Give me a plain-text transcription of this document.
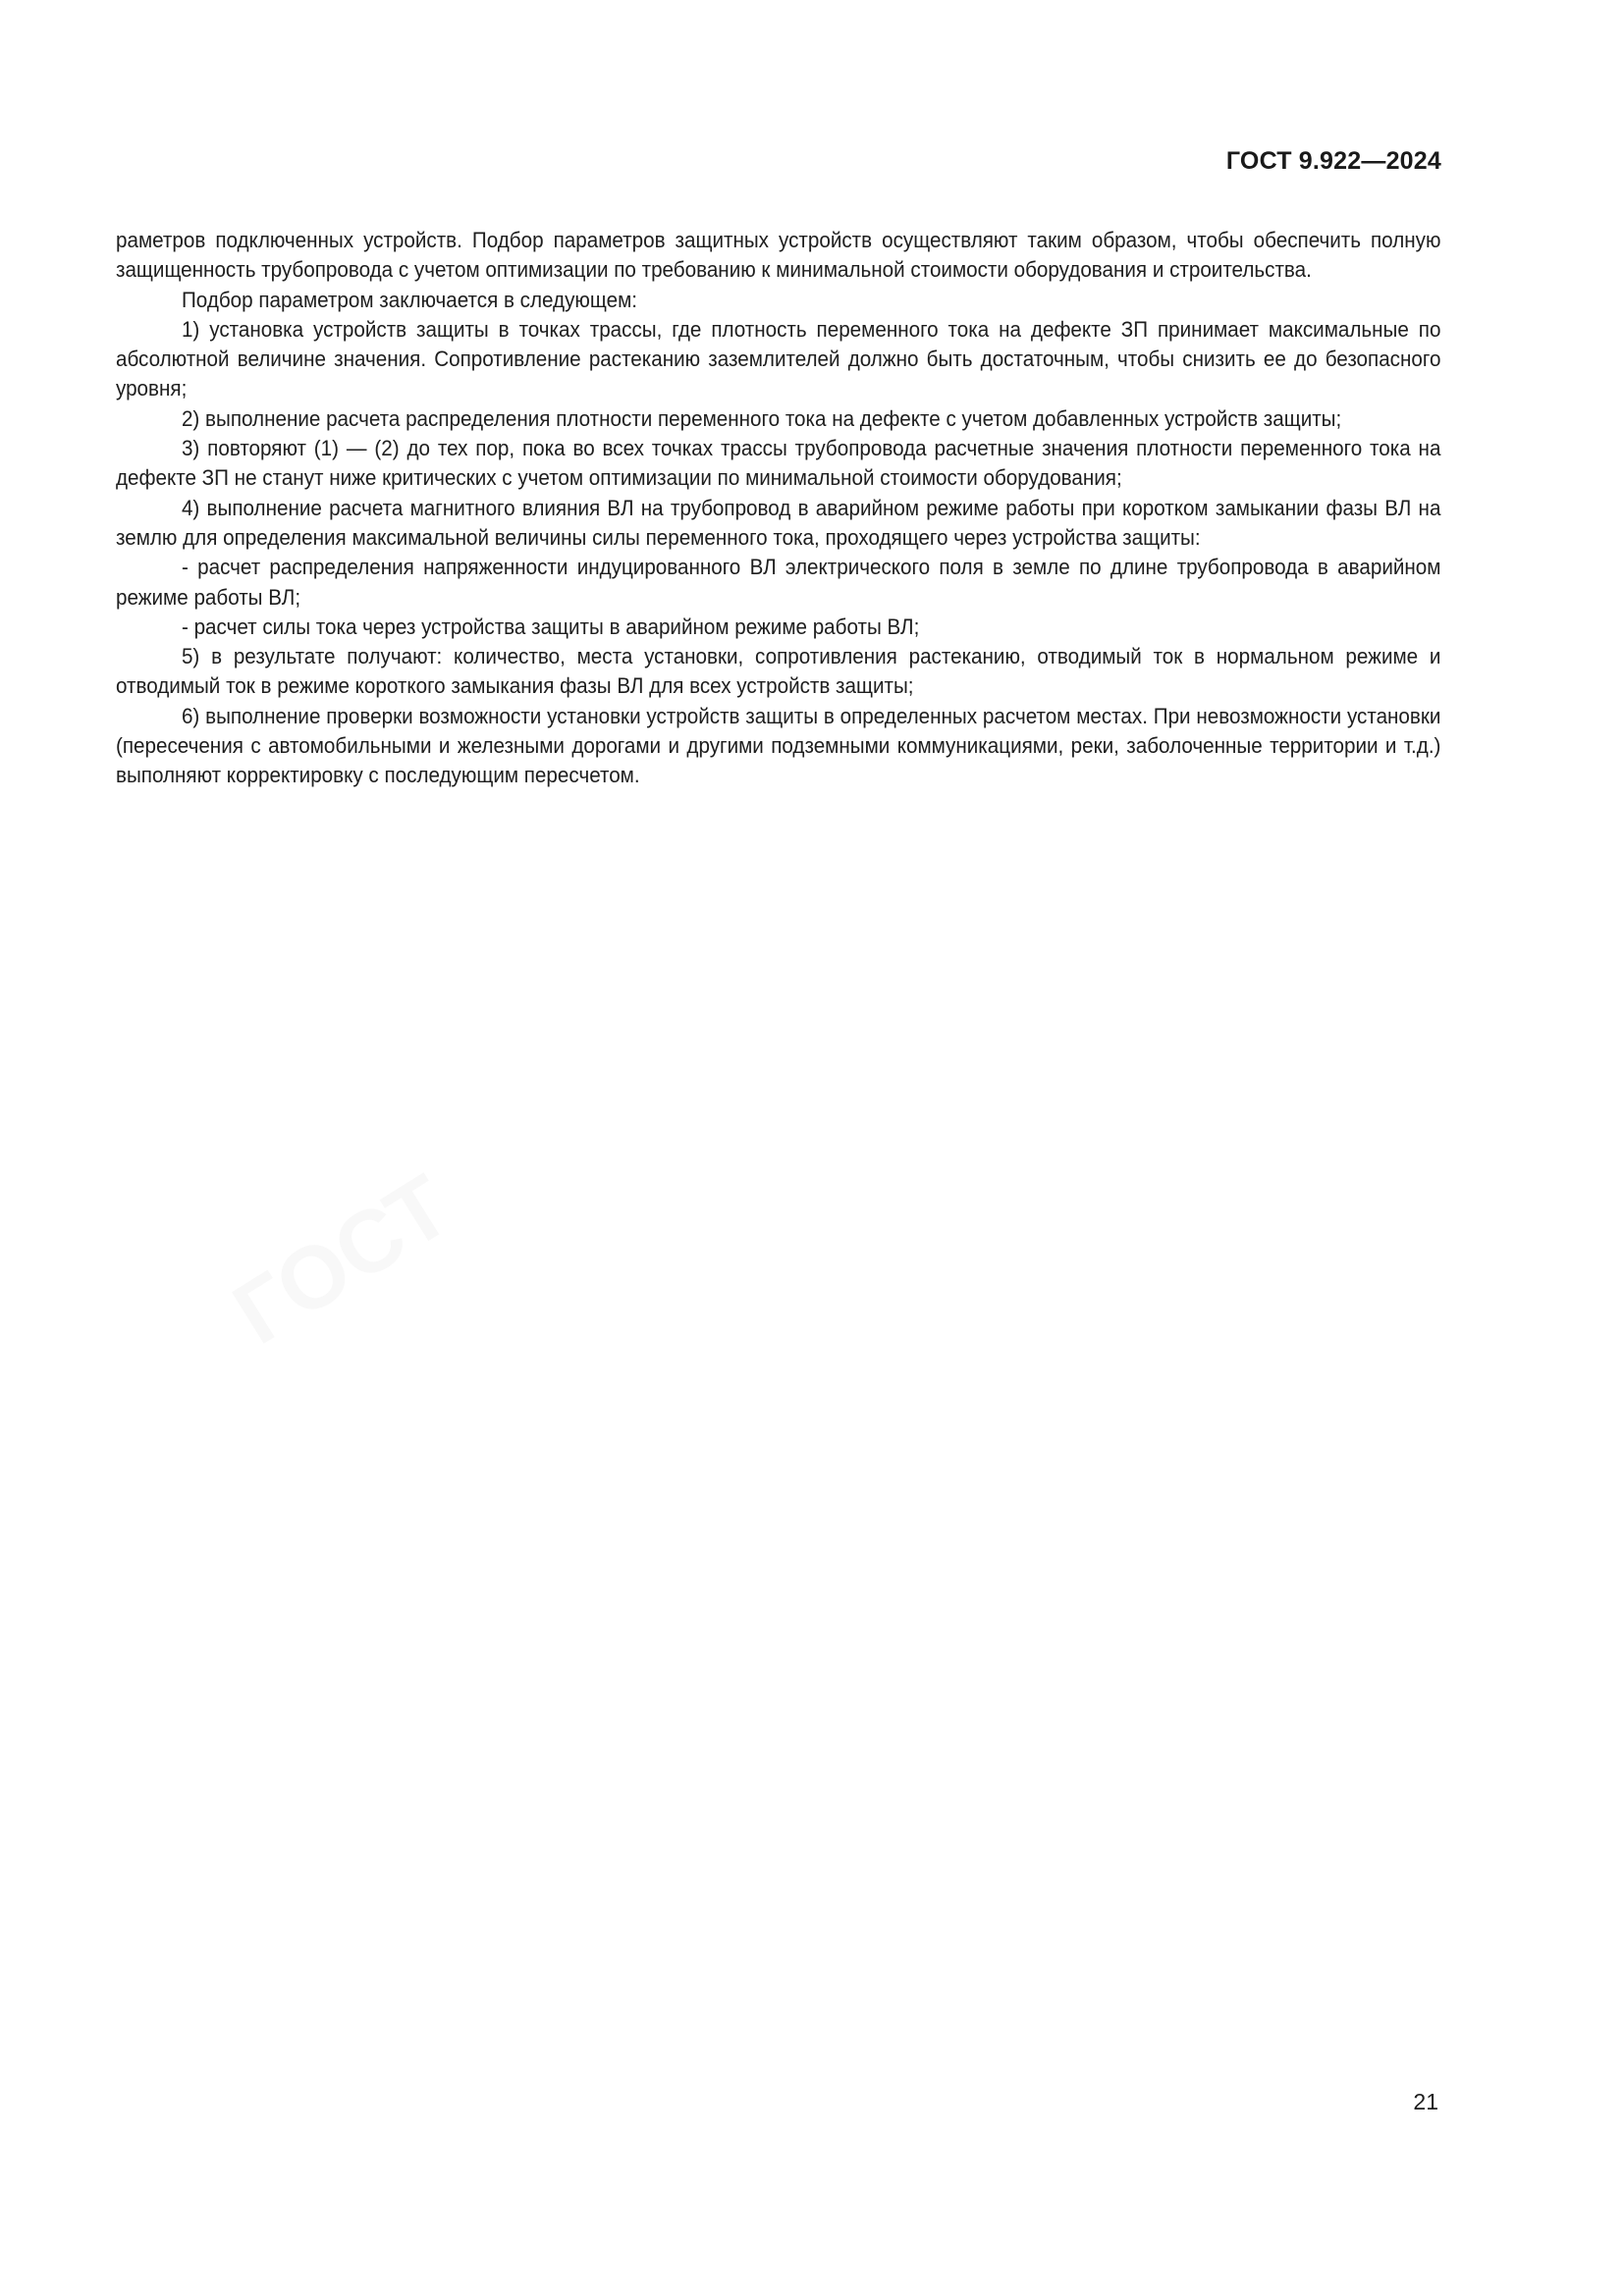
ГОСТ 9.922—2024

раметров подключенных устройств. Подбор параметров защитных устройств осуществляют таким образом, чтобы обеспечить полную защищенность трубопровода с учетом оптимизации по требованию к минимальной стоимости оборудования и строительства.

Подбор параметром заключается в следующем:

1) установка устройств защиты в точках трассы, где плотность переменного тока на дефекте ЗП принимает максимальные по абсолютной величине значения. Сопротивление растеканию заземлителей должно быть достаточным, чтобы снизить ее до безопасного уровня;

2) выполнение расчета распределения плотности переменного тока на дефекте с учетом добавленных устройств защиты;

3) повторяют (1) — (2) до тех пор, пока во всех точках трассы трубопровода расчетные значения плотности переменного тока на дефекте ЗП не станут ниже критических с учетом оптимизации по минимальной стоимости оборудования;

4) выполнение расчета магнитного влияния ВЛ на трубопровод в аварийном режиме работы при коротком замыкании фазы ВЛ на землю для определения максимальной величины силы переменного тока, проходящего через устройства защиты:

- расчет распределения напряженности индуцированного ВЛ электрического поля в земле по длине трубопровода в аварийном режиме работы ВЛ;

- расчет силы тока через устройства защиты в аварийном режиме работы ВЛ;

5) в результате получают: количество, места установки, сопротивления растеканию, отводимый ток в нормальном режиме и отводимый ток в режиме короткого замыкания фазы ВЛ для всех устройств защиты;

6) выполнение проверки возможности установки устройств защиты в определенных расчетом местах. При невозможности установки (пересечения с автомобильными и железными дорогами и другими подземными коммуникациями, реки, заболоченные территории и т.д.) выполняют корректировку с последующим пересчетом.

21
